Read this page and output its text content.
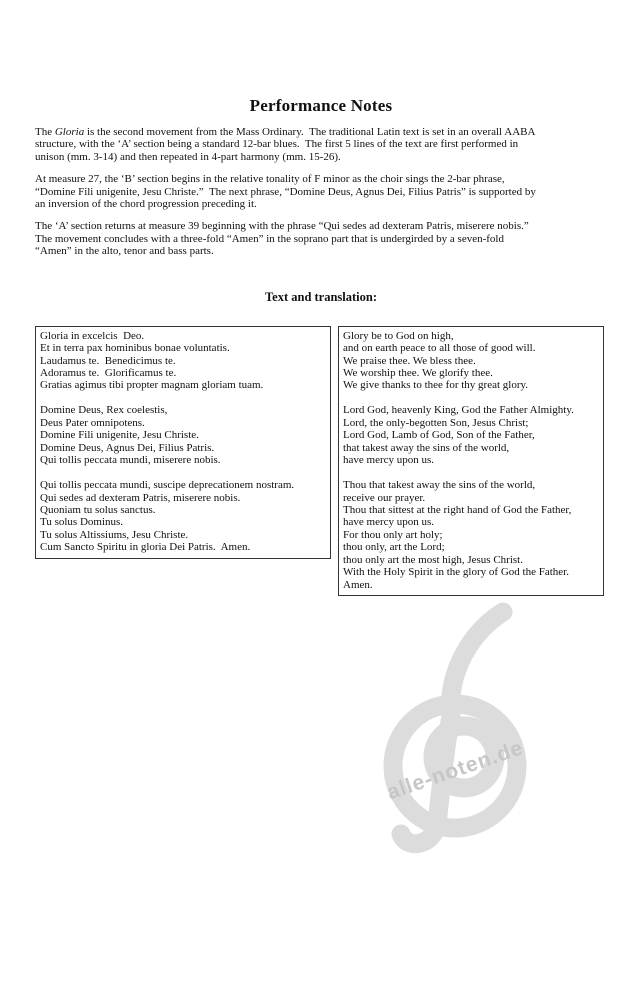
alle-noten.de
Performance Notes
The Gloria is the second movement from the Mass Ordinary.  The traditional Latin text is set in an overall AABA
structure, with the ‘A’ section being a standard 12-bar blues.  The first 5 lines of the text are first performed in
unison (mm. 3-14) and then repeated in 4-part harmony (mm. 15-26).
At measure 27, the ‘B’ section begins in the relative tonality of F minor as the choir sings the 2-bar phrase,
“Domine Fili unigenite, Jesu Christe.”  The next phrase, “Domine Deus, Agnus Dei, Filius Patris” is supported by
an inversion of the chord progression preceding it.
The ‘A’ section returns at measure 39 beginning with the phrase “Qui sedes ad dexteram Patris, miserere nobis.”
The movement concludes with a three-fold “Amen” in the soprano part that is undergirded by a seven-fold
“Amen” in the alto, tenor and bass parts.
Text and translation:
Gloria in excelcis  Deo.
Et in terra pax hominibus bonae voluntatis.
Laudamus te.  Benedicimus te.
Adoramus te.  Glorificamus te.
Gratias agimus tibi propter magnam gloriam tuam.

Domine Deus, Rex coelestis,
Deus Pater omnipotens.
Domine Fili unigenite, Jesu Christe.
Domine Deus, Agnus Dei, Filius Patris.
Qui tollis peccata mundi, miserere nobis.

Qui tollis peccata mundi, suscipe deprecationem nostram.
Qui sedes ad dexteram Patris, miserere nobis.
Quoniam tu solus sanctus.
Tu solus Dominus.
Tu solus Altissiums, Jesu Christe.
Cum Sancto Spiritu in gloria Dei Patris.  Amen.
Glory be to God on high,
and on earth peace to all those of good will.
We praise thee. We bless thee.
We worship thee. We glorify thee.
We give thanks to thee for thy great glory.

Lord God, heavenly King, God the Father Almighty.
Lord, the only-begotten Son, Jesus Christ;
Lord God, Lamb of God, Son of the Father,
that takest away the sins of the world,
have mercy upon us.

Thou that takest away the sins of the world,
receive our prayer.
Thou that sittest at the right hand of God the Father,
have mercy upon us.
For thou only art holy;
thou only, art the Lord;
thou only art the most high, Jesus Christ.
With the Holy Spirit in the glory of God the Father.
Amen.
